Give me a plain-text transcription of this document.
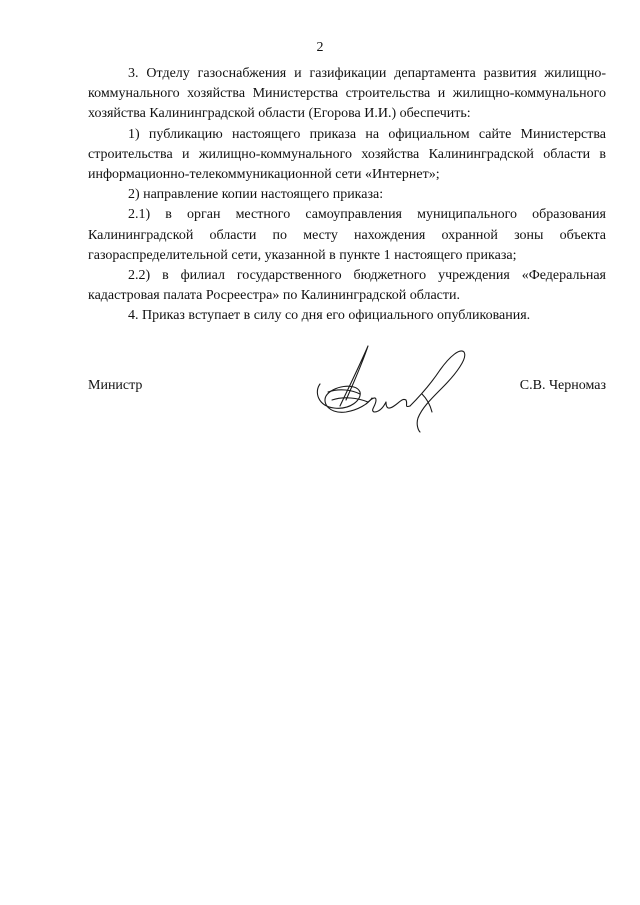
2

3. Отделу газоснабжения и газификации департамента развития жилищно-коммунального хозяйства Министерства строительства и жилищно-коммунального хозяйства Калининградской области (Егорова И.И.) обеспечить:

1) публикацию настоящего приказа на официальном сайте Министерства строительства и жилищно-коммунального хозяйства Калининградской области в информационно-телекоммуникационной сети «Интернет»;

2) направление копии настоящего приказа:

2.1) в орган местного самоуправления муниципального образования Калининградской области по месту нахождения охранной зоны объекта газораспределительной сети, указанной в пункте 1 настоящего приказа;

2.2) в филиал государственного бюджетного учреждения «Федеральная кадастровая палата Росреестра» по Калининградской области.

4. Приказ вступает в силу со дня его официального опубликования.

Министр	С.В. Черномаз
